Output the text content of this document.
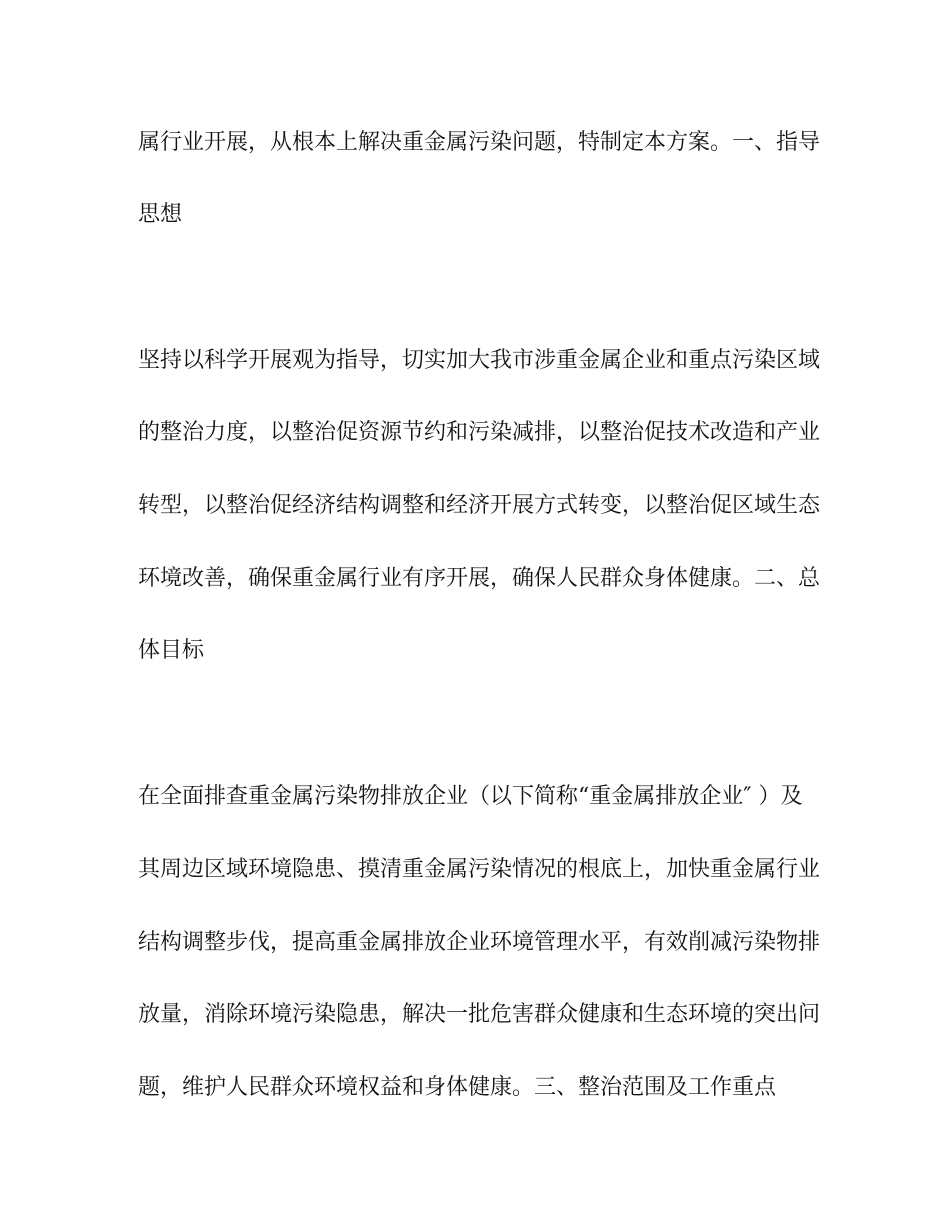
属行业开展，从根本上解决重金属污染问题，特制定本方案。一、指导

思想

坚持以科学开展观为指导，切实加大我市涉重金属企业和重点污染区域

的整治力度，以整治促资源节约和污染减排，以整治促技术改造和产业

转型，以整治促经济结构调整和经济开展方式转变，以整治促区域生态

环境改善，确保重金属行业有序开展，确保人民群众身体健康。二、总

体目标

在全面排查重金属污染物排放企业（以下简称“重金属排放企业″ ）及

其周边区域环境隐患、摸清重金属污染情况的根底上，加快重金属行业

结构调整步伐，提高重金属排放企业环境管理水平，有效削减污染物排

放量，消除环境污染隐患，解决一批危害群众健康和生态环境的突出问

题，维护人民群众环境权益和身体健康。三、整治范围及工作重点
